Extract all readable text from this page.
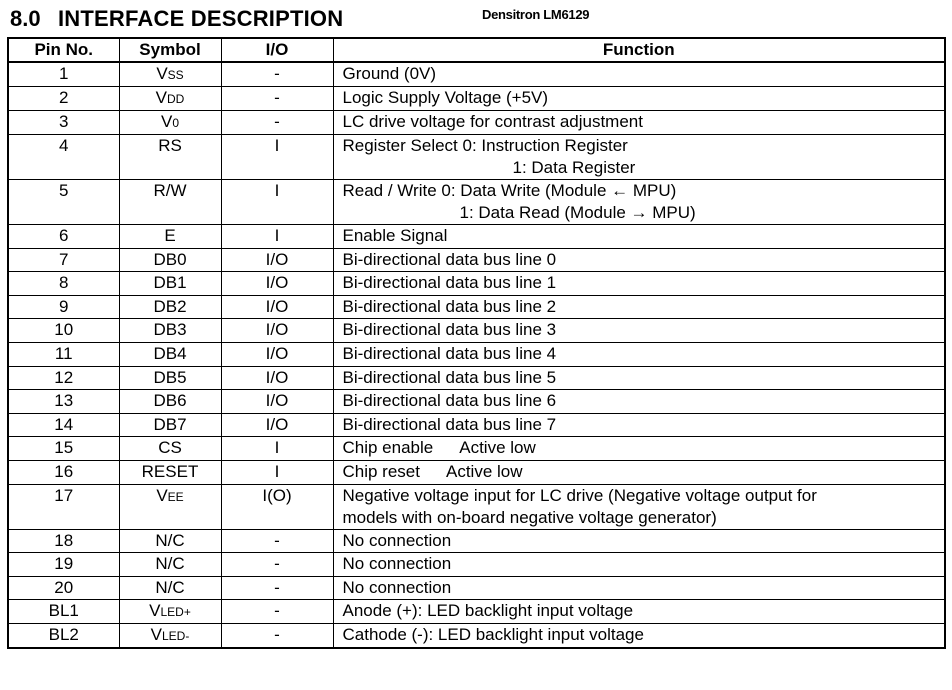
8.0 INTERFACE DESCRIPTION	Densitron LM6129
Pin No.	Symbol	I/O	Function
1	VSS	-	Ground (0V)
2	VDD	-	Logic Supply Voltage (+5V)
3	V0	-	LC drive voltage for contrast adjustment
4	RS	I	Register Select 0: Instruction Register
1: Data Register

5	R/W	I	Read / Write 0: Data Write (Module ← MPU)
1: Data Read (Module → MPU)

6	E	I	Enable Signal
7	DB0	I/O	Bi-directional data bus line 0
8	DB1	I/O	Bi-directional data bus line 1
9	DB2	I/O	Bi-directional data bus line 2
10	DB3	I/O	Bi-directional data bus line 3
11	DB4	I/O	Bi-directional data bus line 4
12	DB5	I/O	Bi-directional data bus line 5
13	DB6	I/O	Bi-directional data bus line 6
14	DB7	I/O	Bi-directional data bus line 7
15	CS	I	Chip enable Active low
16	RESET	I	Chip reset Active low
17	VEE	I(O)	Negative voltage input for LC drive (Negative voltage output for
models with on-board negative voltage generator)

18	N/C	-	No connection
19	N/C	-	No connection
20	N/C	-	No connection
BL1	VLED+	-	Anode (+): LED backlight input voltage
BL2	VLED-	-	Cathode (-): LED backlight input voltage
